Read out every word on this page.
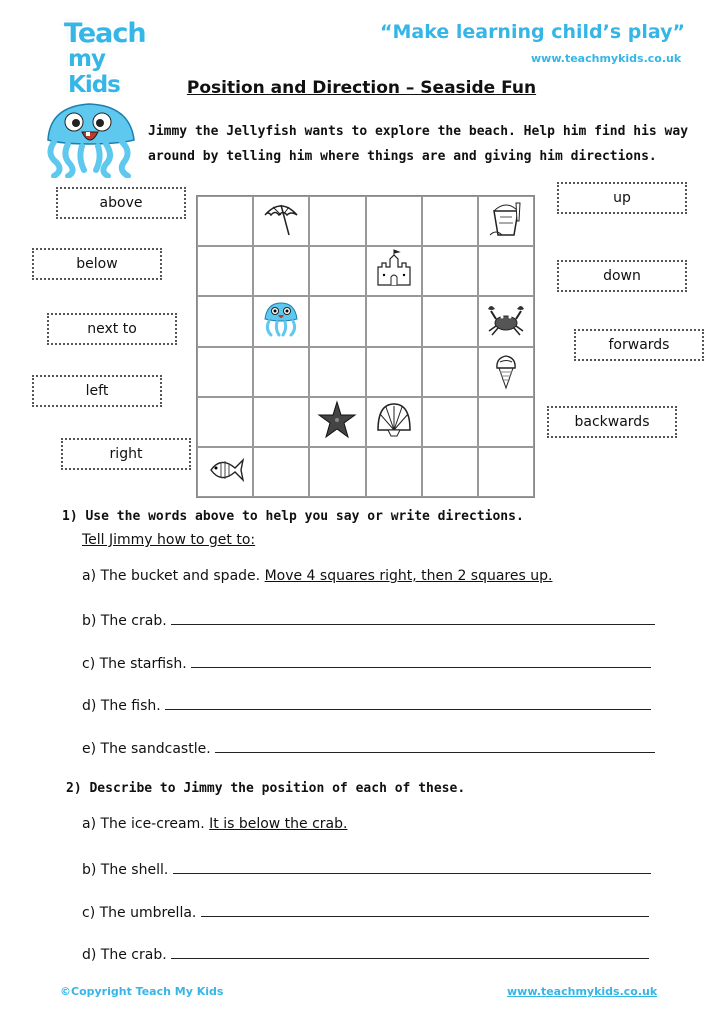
Teach
my Kids
“Make learning child’s play”
www.teachmykids.co.uk
Position and Direction – Seaside Fun
Jimmy the Jellyfish wants to explore the beach. Help him find his way around by telling him where things are and giving him directions.
above
below
next to
left
right
up
down
forwards
backwards
1) Use the words above to help you say or write directions.
Tell Jimmy how to get to:
a) The bucket and spade. Move 4 squares right, then 2 squares up.
b) The crab.
c) The starfish.
d) The fish.
e) The sandcastle.
2) Describe to Jimmy the position of each of these.
a) The ice-cream. It is below the crab.
b) The shell.
c) The umbrella.
d) The crab.
©Copyright Teach My Kids	www.teachmykids.co.uk
